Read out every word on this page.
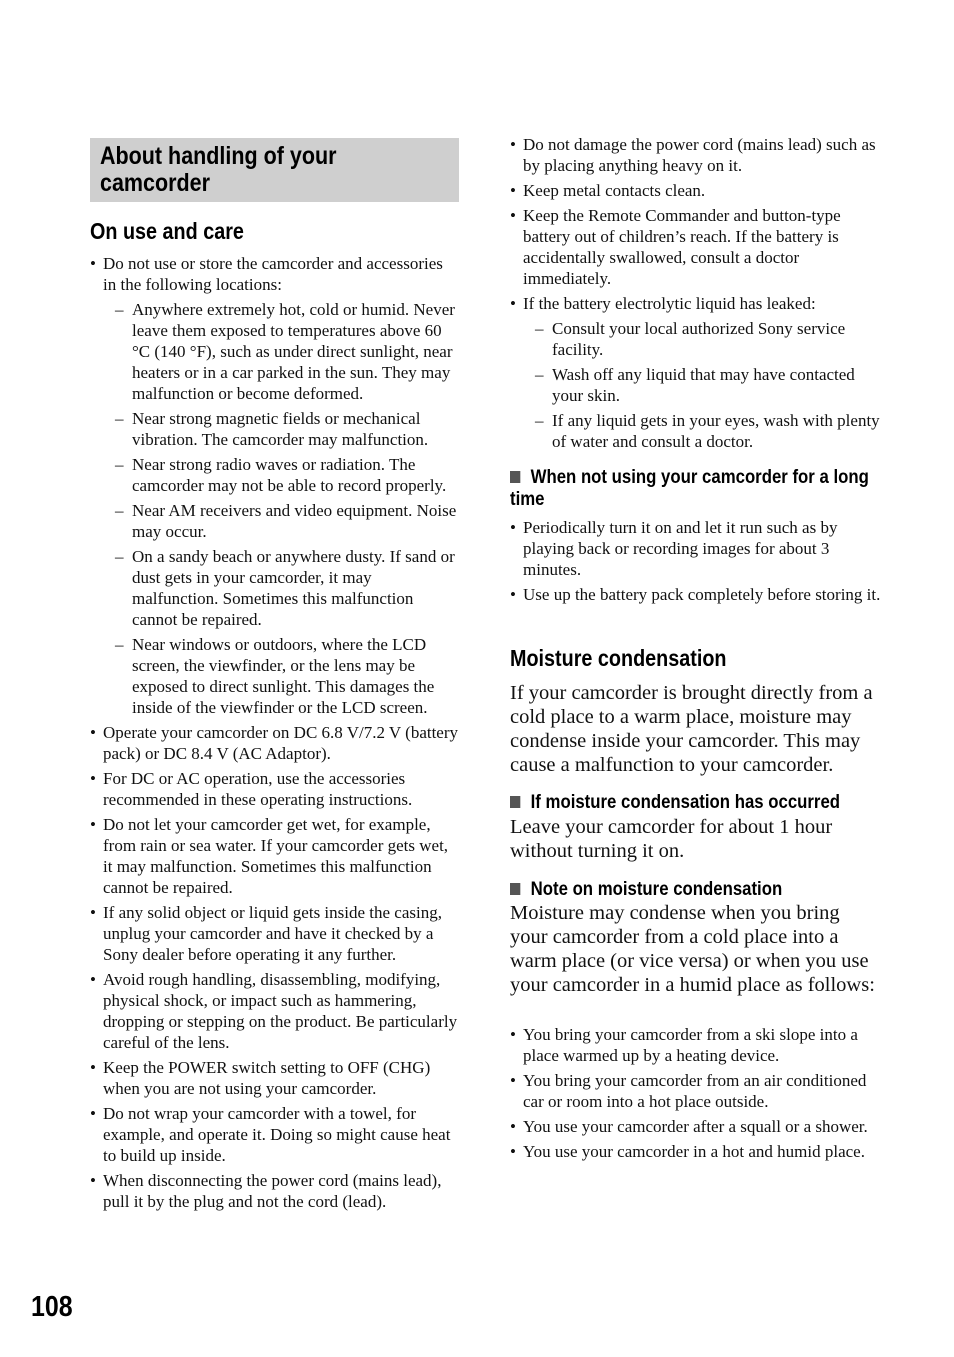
About handling of your camcorder
On use and care
• Do not use or store the camcorder and accessories in the following locations:
– Anywhere extremely hot, cold or humid. Never leave them exposed to temperatures above 60 °C (140 °F), such as under direct sunlight, near heaters or in a car parked in the sun. They may malfunction or become deformed.
– Near strong magnetic fields or mechanical vibration. The camcorder may malfunction.
– Near strong radio waves or radiation. The camcorder may not be able to record properly.
– Near AM receivers and video equipment. Noise may occur.
– On a sandy beach or anywhere dusty. If sand or dust gets in your camcorder, it may malfunction. Sometimes this malfunction cannot be repaired.
– Near windows or outdoors, where the LCD screen, the viewfinder, or the lens may be exposed to direct sunlight. This damages the inside of the viewfinder or the LCD screen.
• Operate your camcorder on DC 6.8 V/7.2 V (battery pack) or DC 8.4 V (AC Adaptor).
• For DC or AC operation, use the accessories recommended in these operating instructions.
• Do not let your camcorder get wet, for example, from rain or sea water. If your camcorder gets wet, it may malfunction. Sometimes this malfunction cannot be repaired.
• If any solid object or liquid gets inside the casing, unplug your camcorder and have it checked by a Sony dealer before operating it any further.
• Avoid rough handling, disassembling, modifying, physical shock, or impact such as hammering, dropping or stepping on the product. Be particularly careful of the lens.
• Keep the POWER switch setting to OFF (CHG) when you are not using your camcorder.
• Do not wrap your camcorder with a towel, for example, and operate it. Doing so might cause heat to build up inside.
• When disconnecting the power cord (mains lead), pull it by the plug and not the cord (lead).
• Do not damage the power cord (mains lead) such as by placing anything heavy on it.
• Keep metal contacts clean.
• Keep the Remote Commander and button-type battery out of children’s reach. If the battery is accidentally swallowed, consult a doctor immediately.
• If the battery electrolytic liquid has leaked:
– Consult your local authorized Sony service facility.
– Wash off any liquid that may have contacted your skin.
– If any liquid gets in your eyes, wash with plenty of water and consult a doctor.
When not using your camcorder for a long time
• Periodically turn it on and let it run such as by playing back or recording images for about 3 minutes.
• Use up the battery pack completely before storing it.
Moisture condensation
If your camcorder is brought directly from a cold place to a warm place, moisture may condense inside your camcorder. This may cause a malfunction to your camcorder.
If moisture condensation has occurred
Leave your camcorder for about 1 hour without turning it on.
Note on moisture condensation
Moisture may condense when you bring your camcorder from a cold place into a warm place (or vice versa) or when you use your camcorder in a humid place as follows:
• You bring your camcorder from a ski slope into a place warmed up by a heating device.
• You bring your camcorder from an air conditioned car or room into a hot place outside.
• You use your camcorder after a squall or a shower.
• You use your camcorder in a hot and humid place.
108
